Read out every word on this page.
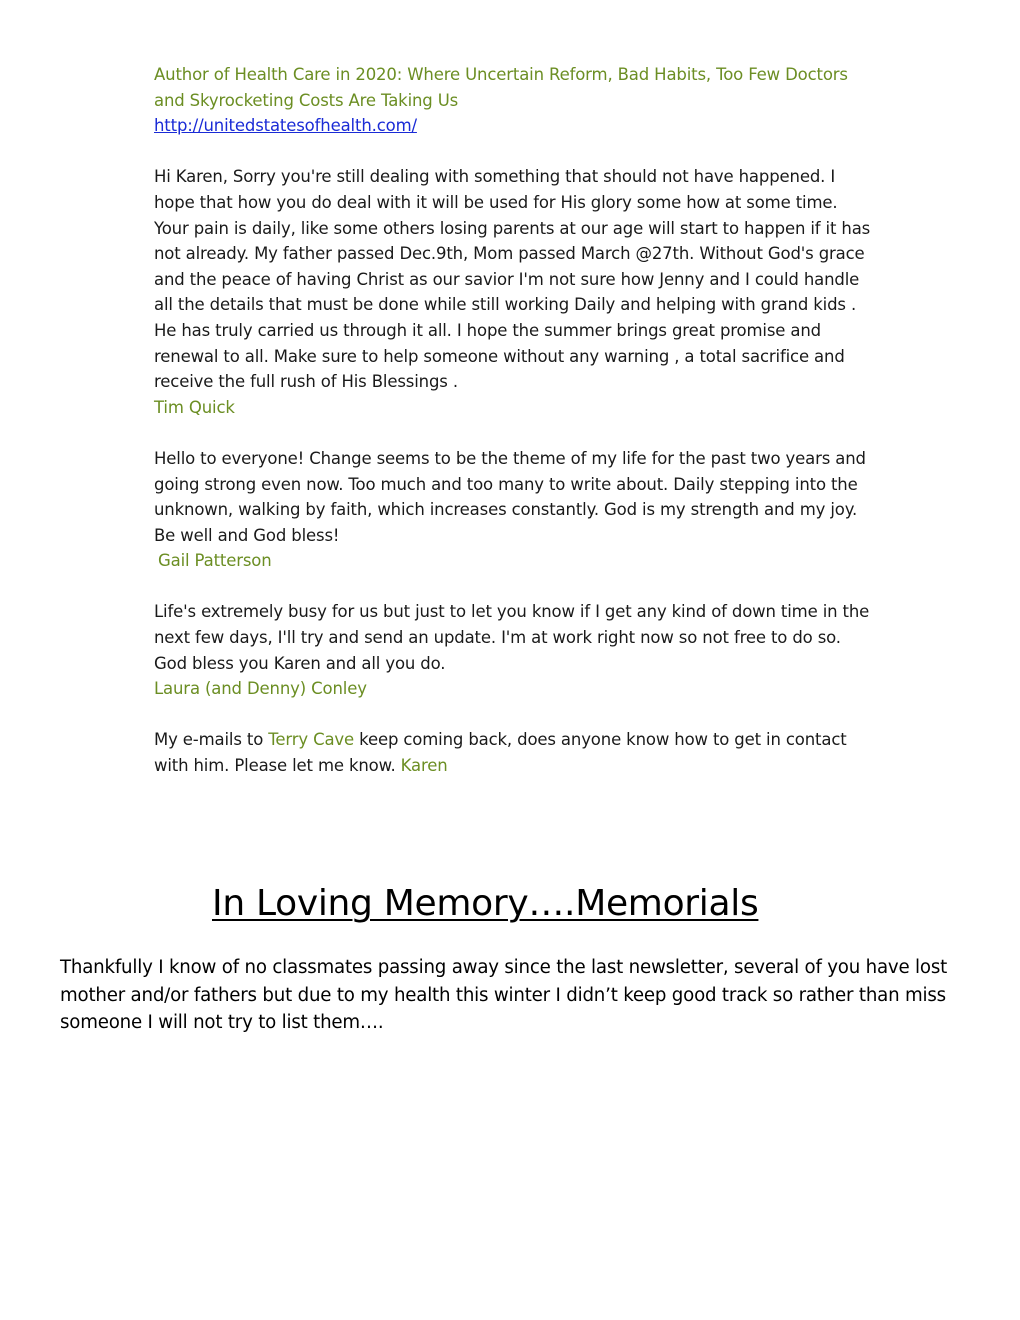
Author of Health Care in 2020: Where Uncertain Reform, Bad Habits, Too Few Doctors and Skyrocketing Costs Are Taking Us

http://unitedstatesofhealth.com/

Hi Karen, Sorry you're still dealing with something that should not have happened. I hope that how you do deal with it will be used for His glory some how at some time. Your pain is daily, like some others losing parents at our age will start to happen if it has not already. My father passed Dec.9th, Mom passed March @27th. Without God's grace and the peace of having Christ as our savior I'm not sure how Jenny and I could handle all the details that must be done while still working Daily and helping with grand kids . He has truly carried us through it all. I hope the summer brings great promise and renewal to all. Make sure to help someone without any warning , a total sacrifice and receive the full rush of His Blessings .

Tim Quick

Hello to everyone! Change seems to be the theme of my life for the past two years and going strong even now. Too much and too many to write about. Daily stepping into the unknown, walking by faith, which increases constantly. God is my strength and my joy. Be well and God bless!

Gail Patterson

Life's extremely busy for us but just to let you know if I get any kind of down time in the next few days, I'll try and send an update. I'm at work right now so not free to do so. God bless you Karen and all you do.

Laura (and Denny) Conley

My e-mails to Terry Cave keep coming back, does anyone know how to get in contact with him. Please let me know. Karen

In Loving Memory….Memorials

Thankfully I know of no classmates passing away since the last newsletter, several of you have lost mother and/or fathers but due to my health this winter I didn’t keep good track so rather than miss someone I will not try to list them….
